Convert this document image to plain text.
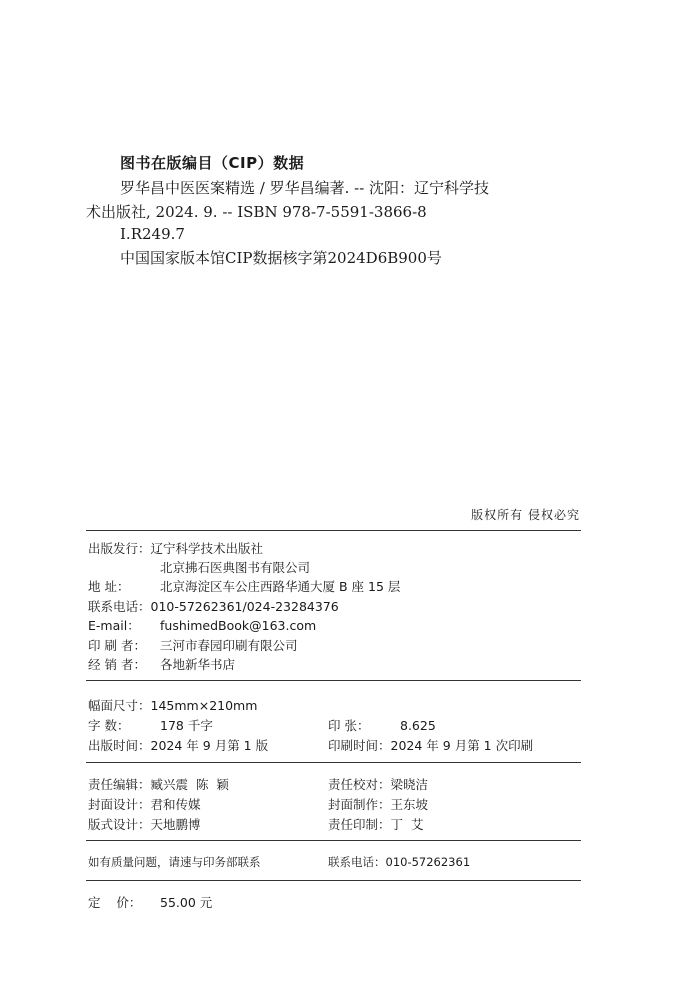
图书在版编目（CIP）数据
罗华昌中医医案精选 / 罗华昌编著. -- 沈阳：辽宁科学技
术出版社, 2024. 9. -- ISBN 978-7-5591-3866-8
Ⅰ.R249.7
中国国家版本馆CIP数据核字第2024D6B900号
版权所有 侵权必究
出版发行：辽宁科学技术出版社
北京拂石医典图书有限公司
地 址： 北京海淀区车公庄西路华通大厦 B 座 15 层
联系电话：010-57262361/024-23284376
E-mail： fushimedBook@163.com
印 刷 者： 三河市春园印刷有限公司
经 销 者： 各地新华书店
幅面尺寸：145mm×210mm
字 数： 178 千字	印 张： 8.625
出版时间：2024 年 9 月第 1 版	印刷时间：2024 年 9 月第 1 次印刷
责任编辑：臧兴震  陈  颖	责任校对：梁晓洁
封面设计：君和传媒	封面制作：王东坡
版式设计：天地鹏博	责任印制：丁  艾
如有质量问题，请速与印务部联系	联系电话：010-57262361
定    价： 55.00 元
